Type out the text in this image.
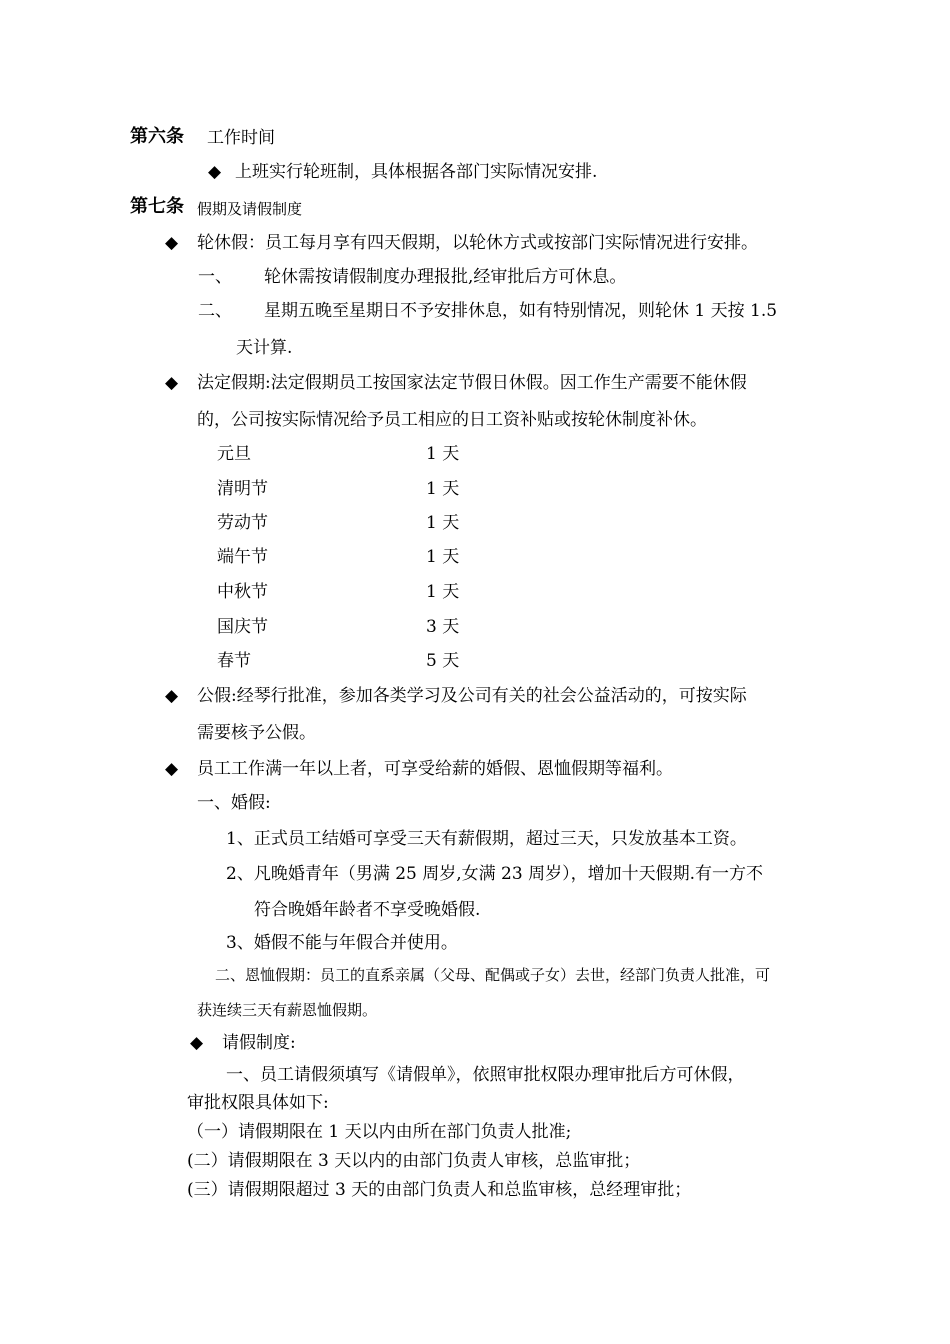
第六条 工作时间
◆ 上班实行轮班制，具体根据各部门实际情况安排.
第七条 假期及请假制度
◆ 轮休假：员工每月享有四天假期，以轮休方式或按部门实际情况进行安排。
一、 轮休需按请假制度办理报批,经审批后方可休息。
二、 星期五晚至星期日不予安排休息，如有特别情况，则轮休 1 天按 1.5
天计算.
◆ 法定假期:法定假期员工按国家法定节假日休假。因工作生产需要不能休假
的，公司按实际情况给予员工相应的日工资补贴或按轮休制度补休。
元旦	1 天
清明节	1 天
劳动节	1 天
端午节	1 天
中秋节	1 天
国庆节	3 天
春节	5 天
◆ 公假:经琴行批准，参加各类学习及公司有关的社会公益活动的，可按实际
需要核予公假。
◆ 员工工作满一年以上者，可享受给薪的婚假、恩恤假期等福利。
一、婚假:
1、正式员工结婚可享受三天有薪假期，超过三天，只发放基本工资。
2、凡晚婚青年（男满 25 周岁,女满 23 周岁），增加十天假期.有一方不
符合晚婚年龄者不享受晚婚假.
3、婚假不能与年假合并使用。
二、恩恤假期：员工的直系亲属（父母、配偶或子女）去世，经部门负责人批准，可
获连续三天有薪恩恤假期。
◆ 请假制度:
一、员工请假须填写《请假单》，依照审批权限办理审批后方可休假，
审批权限具体如下:
（一）请假期限在 1 天以内由所在部门负责人批准;
(二）请假期限在 3 天以内的由部门负责人审核，总监审批；
(三）请假期限超过 3 天的由部门负责人和总监审核，总经理审批；
